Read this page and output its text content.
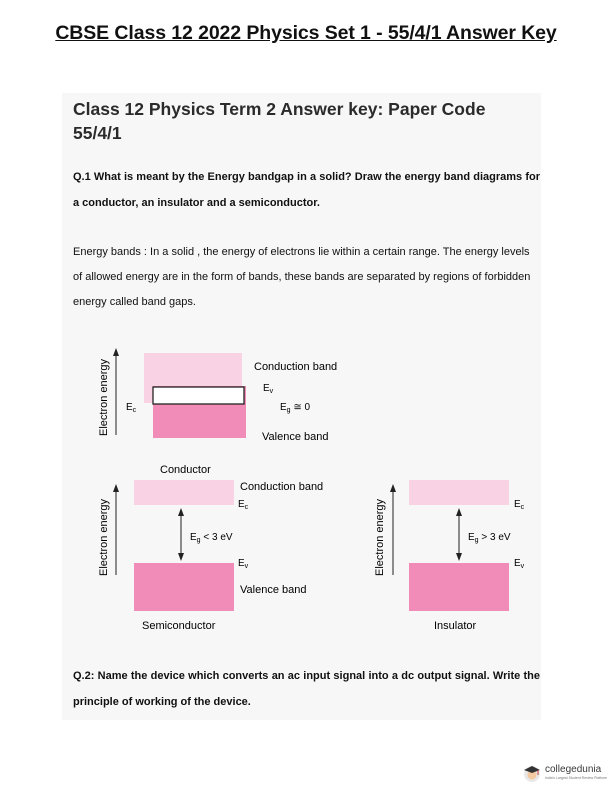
CBSE Class 12 2022 Physics Set 1 - 55/4/1 Answer Key
Class 12 Physics Term 2 Answer key: Paper Code 55/4/1
Q.1 What is meant by the Energy bandgap in a solid? Draw the energy band diagrams for a conductor, an insulator and a semiconductor.
Energy bands : In a solid , the energy of electrons lie within a certain range. The energy levels of allowed energy are in the form of bands, these bands are separated by regions of forbidden energy called band gaps.
Electron energy $E_c$
Conduction band
$E_v$
$E_g$ ≅ 0
Valence band
Conductor
Electron energy
Conduction band
$E_c$
$E_g < 3$ eV
$E_v$
Valence band
Semiconductor
Electron energy	$E_c$
$E_g > 3$ eV
$E_v$
Insulator
Q.2: Name the device which converts an ac input signal into a dc output signal. Write the principle of working of the device.
collegedunia
India's Largest Student Review Platform
